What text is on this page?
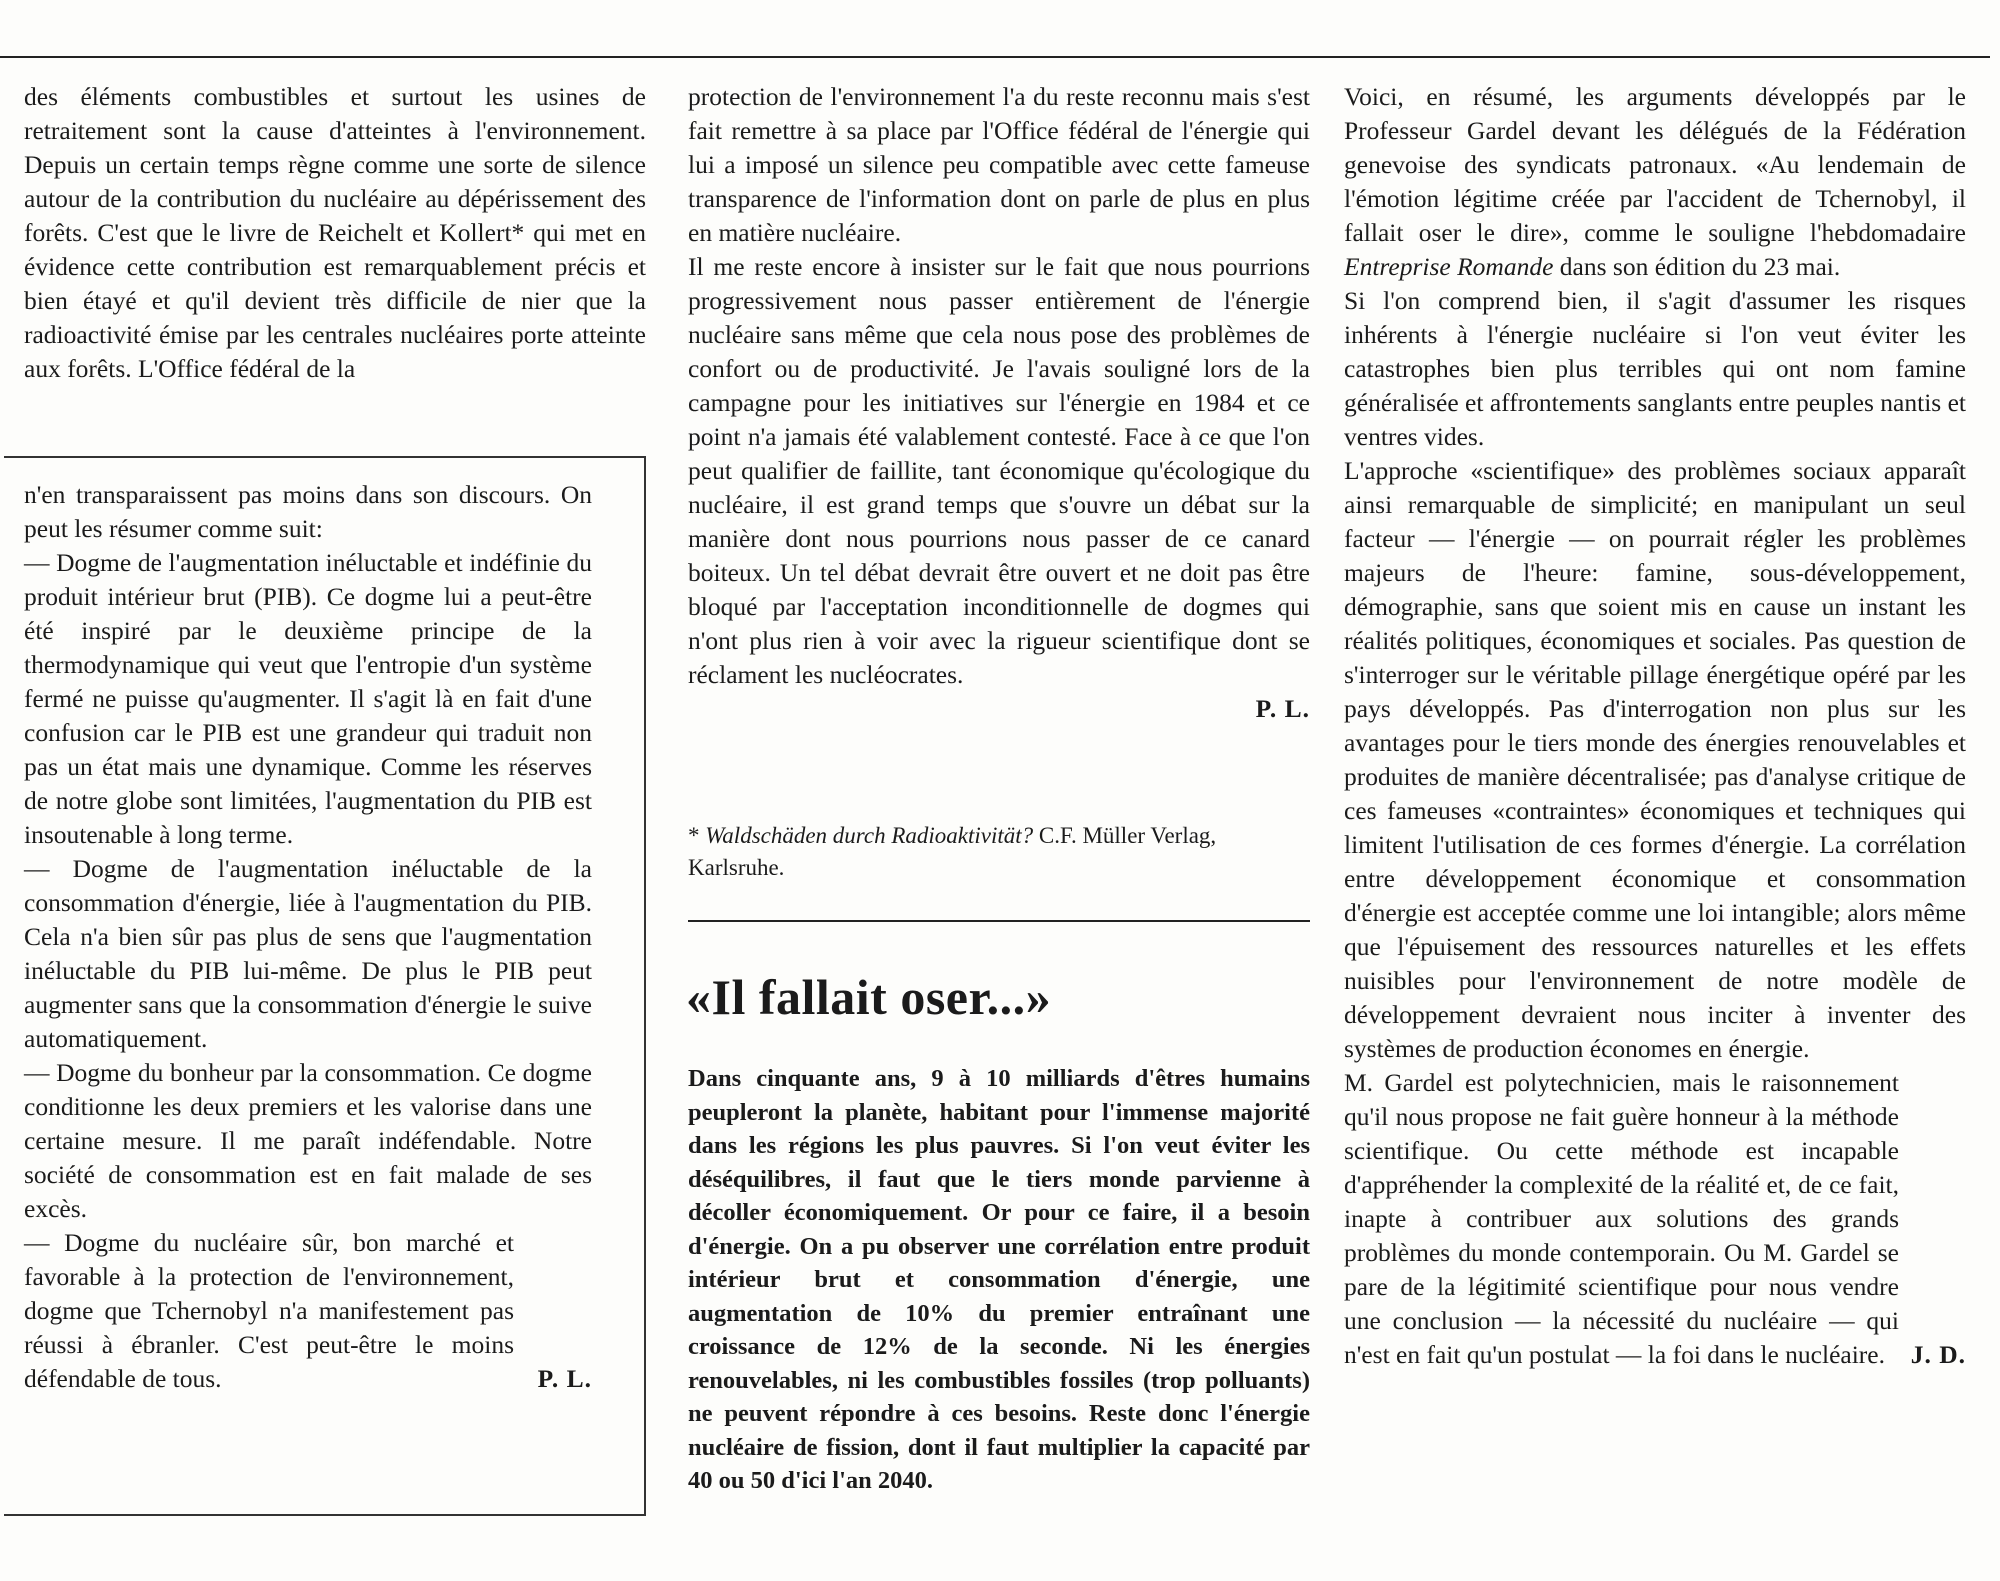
des éléments combustibles et surtout les usines de retraitement sont la cause d'atteintes à l'environnement. Depuis un certain temps règne comme une sorte de silence autour de la contribution du nucléaire au dépérissement des forêts. C'est que le livre de Reichelt et Kollert* qui met en évidence cette contribution est remarquablement précis et bien étayé et qu'il devient très difficile de nier que la radioactivité émise par les centrales nucléaires porte atteinte aux forêts. L'Office fédéral de la

n'en transparaissent pas moins dans son discours. On peut les résumer comme suit:

— Dogme de l'augmentation inéluctable et indéfinie du produit intérieur brut (PIB). Ce dogme lui a peut-être été inspiré par le deuxième principe de la thermodynamique qui veut que l'entropie d'un système fermé ne puisse qu'augmenter. Il s'agit là en fait d'une confusion car le PIB est une grandeur qui traduit non pas un état mais une dynamique. Comme les réserves de notre globe sont limitées, l'augmentation du PIB est insoutenable à long terme.

— Dogme de l'augmentation inéluctable de la consommation d'énergie, liée à l'augmentation du PIB. Cela n'a bien sûr pas plus de sens que l'augmentation inéluctable du PIB lui-même. De plus le PIB peut augmenter sans que la consommation d'énergie le suive automatiquement.

— Dogme du bonheur par la consommation. Ce dogme conditionne les deux premiers et les valorise dans une certaine mesure. Il me paraît indéfendable. Notre société de consommation est en fait malade de ses excès.

— Dogme du nucléaire sûr, bon marché et favorable à la protection de l'environnement, dogme que Tchernobyl n'a manifestement pas réussi à ébranler. C'est peut-être le moins défendable de tous.	P. L.

protection de l'environnement l'a du reste reconnu mais s'est fait remettre à sa place par l'Office fédéral de l'énergie qui lui a imposé un silence peu compatible avec cette fameuse transparence de l'information dont on parle de plus en plus en matière nucléaire.

Il me reste encore à insister sur le fait que nous pourrions progressivement nous passer entièrement de l'énergie nucléaire sans même que cela nous pose des problèmes de confort ou de productivité. Je l'avais souligné lors de la campagne pour les initiatives sur l'énergie en 1984 et ce point n'a jamais été valablement contesté. Face à ce que l'on peut qualifier de faillite, tant économique qu'écologique du nucléaire, il est grand temps que s'ouvre un débat sur la manière dont nous pourrions nous passer de ce canard boiteux. Un tel débat devrait être ouvert et ne doit pas être bloqué par l'acceptation inconditionnelle de dogmes qui n'ont plus rien à voir avec la rigueur scientifique dont se réclament les nucléocrates.

P. L.

* Waldschäden durch Radioaktivität? C.F. Müller Verlag, Karlsruhe.
«Il fallait oser...»
Dans cinquante ans, 9 à 10 milliards d'êtres humains peupleront la planète, habitant pour l'immense majorité dans les régions les plus pauvres. Si l'on veut éviter les déséquilibres, il faut que le tiers monde parvienne à décoller économiquement. Or pour ce faire, il a besoin d'énergie. On a pu observer une corrélation entre produit intérieur brut et consommation d'énergie, une augmentation de 10% du premier entraînant une croissance de 12% de la seconde. Ni les énergies renouvelables, ni les combustibles fossiles (trop polluants) ne peuvent répondre à ces besoins. Reste donc l'énergie nucléaire de fission, dont il faut multiplier la capacité par 40 ou 50 d'ici l'an 2040.

Voici, en résumé, les arguments développés par le Professeur Gardel devant les délégués de la Fédération genevoise des syndicats patronaux. «Au lendemain de l'émotion légitime créée par l'accident de Tchernobyl, il fallait oser le dire», comme le souligne l'hebdomadaire Entreprise Romande dans son édition du 23 mai.

Si l'on comprend bien, il s'agit d'assumer les risques inhérents à l'énergie nucléaire si l'on veut éviter les catastrophes bien plus terribles qui ont nom famine généralisée et affrontements sanglants entre peuples nantis et ventres vides.

L'approche «scientifique» des problèmes sociaux apparaît ainsi remarquable de simplicité; en manipulant un seul facteur — l'énergie — on pourrait régler les problèmes majeurs de l'heure: famine, sous-développement, démographie, sans que soient mis en cause un instant les réalités politiques, économiques et sociales. Pas question de s'interroger sur le véritable pillage énergétique opéré par les pays développés. Pas d'interrogation non plus sur les avantages pour le tiers monde des énergies renouvelables et produites de manière décentralisée; pas d'analyse critique de ces fameuses «contraintes» économiques et techniques qui limitent l'utilisation de ces formes d'énergie. La corrélation entre développement économique et consommation d'énergie est acceptée comme une loi intangible; alors même que l'épuisement des ressources naturelles et les effets nuisibles pour l'environnement de notre modèle de développement devraient nous inciter à inventer des systèmes de production économes en énergie.

M. Gardel est polytechnicien, mais le raisonnement qu'il nous propose ne fait guère honneur à la méthode scientifique. Ou cette méthode est incapable d'appréhender la complexité de la réalité et, de ce fait, inapte à contribuer aux solutions des grands problèmes du monde contemporain. Ou M. Gardel se pare de la légitimité scientifique pour nous vendre une conclusion — la nécessité du nucléaire — qui n'est en fait qu'un postulat — la foi dans le nucléaire.	J. D.
